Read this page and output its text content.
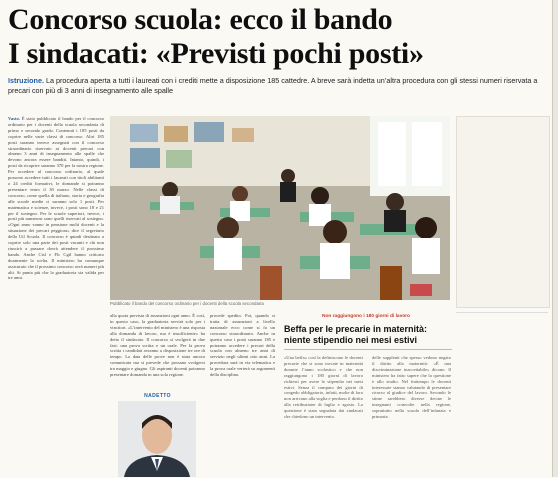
Concorso scuola: ecco il bando
I sindacati: «Previsti pochi posti»
Istruzione. La procedura aperta a tutti i laureati con i crediti mette a disposizione 185 cattedre. A breve sarà indetta un’altra procedura con gli stessi numeri riservata a precari con più di 3 anni di insegnamento alle spalle
Vasto. È stato pubblicato il bando per il concorso ordinario per i docenti della scuola secondaria di primo e secondo grado. Contenuti i 185 posti da coprire nelle varie classi di concorso. Altri 185 posti saranno invece assegnati con il concorso straordinario riservato ai docenti precari con almeno 3 anni di insegnamento alle spalle che devono ancora essere banditi. Intanto, quindi, i posti da ricoprire saranno 370 per la nostra regione. Per accedere al concorso ordinario, al quale possono accedere tutti i laureati con titoli abilitanti o 24 crediti formativi, le domande si potranno presentare entro il 30 marzo. Nelle classi di concorso, come quella di italiano, storia e geografia alle scuole medie ci saranno solo 1 posti. Per matematica e scienze, invece, i posti sono 18 e 21 per il sostegno. Per le scuole superiori, invece, i posti più numerosi sono quelli riservati al sostegno. «Ogni anno vanno in pensione molti docenti e la situazione dei precari peggiora» dice il segretario della Uil Scuola. Il concorso è quindi destinato a coprire solo una parte dei posti vacanti e chi non riuscirà a passare dovrà attendere il prossimo bando. Anche Cisl e Flc Cgil hanno criticato duramente la scelta. Il ministero ha comunque assicurato che il prossimo concorso avrà numeri più alti. Si punta più che la graduatoria sia valida per tre anni.
Pubblicato il bando del concorso ordinario per i docenti della scuola secondaria
alla quota prevista di assunzioni ogni anno. È così, in questo caso, la graduatoria servirà solo per i vincitori. «L’intervento del ministero è una risposta alla domanda di lavoro, ma è insufficiente» ha detto il sindacato. Il concorso si svolgerà in due fasi: una prova scritta e un orale. Per la prova scritta i candidati avranno a disposizione tre ore di tempo. La data delle prove non è stata ancora comunicata ma si prevede che possano svolgersi tra maggio e giugno. Gli aspiranti docenti potranno presentare domanda in una sola regione.
procede spedito. Poi, quando si tratta di assunzioni a livello nazionale ecco come si fa un concorso straordinario. Anche in questo caso i posti saranno 185 e potranno accedere i precari della scuola con almeno tre anni di servizio negli ultimi otto anni. La procedura sarà in via telematica e la prova orale verterà su argomenti della disciplina.
NADETTO
Non raggiungono i 180 giorni di lavoro
Beffa per le precarie in maternità: niente stipendio nei mesi estivi
«Una beffa» così la definiscono le docenti precarie che si sono trovate in maternità durante l’anno scolastico e che non raggiungono i 180 giorni di lavoro richiesti per avere lo stipendio nei mesi estivi. Senza il computo dei giorni di congedo obbligatorio, infatti, molte di loro non arrivano alla soglia e perdono il diritto alla retribuzione di luglio e agosto. La questione è stata segnalata dai sindacati che chiedono un intervento.
delle supplenti che spesso vedono negato il diritto alla maternità: «È una discriminazione inaccettabile» dicono. Il ministero ha fatto sapere che la questione è allo studio. Nel frattempo le docenti interessate stanno valutando di presentare ricorso al giudice del lavoro. Secondo le stime sarebbero diverse decine le insegnanti coinvolte nella regione, soprattutto nella scuola dell’infanzia e primaria.
